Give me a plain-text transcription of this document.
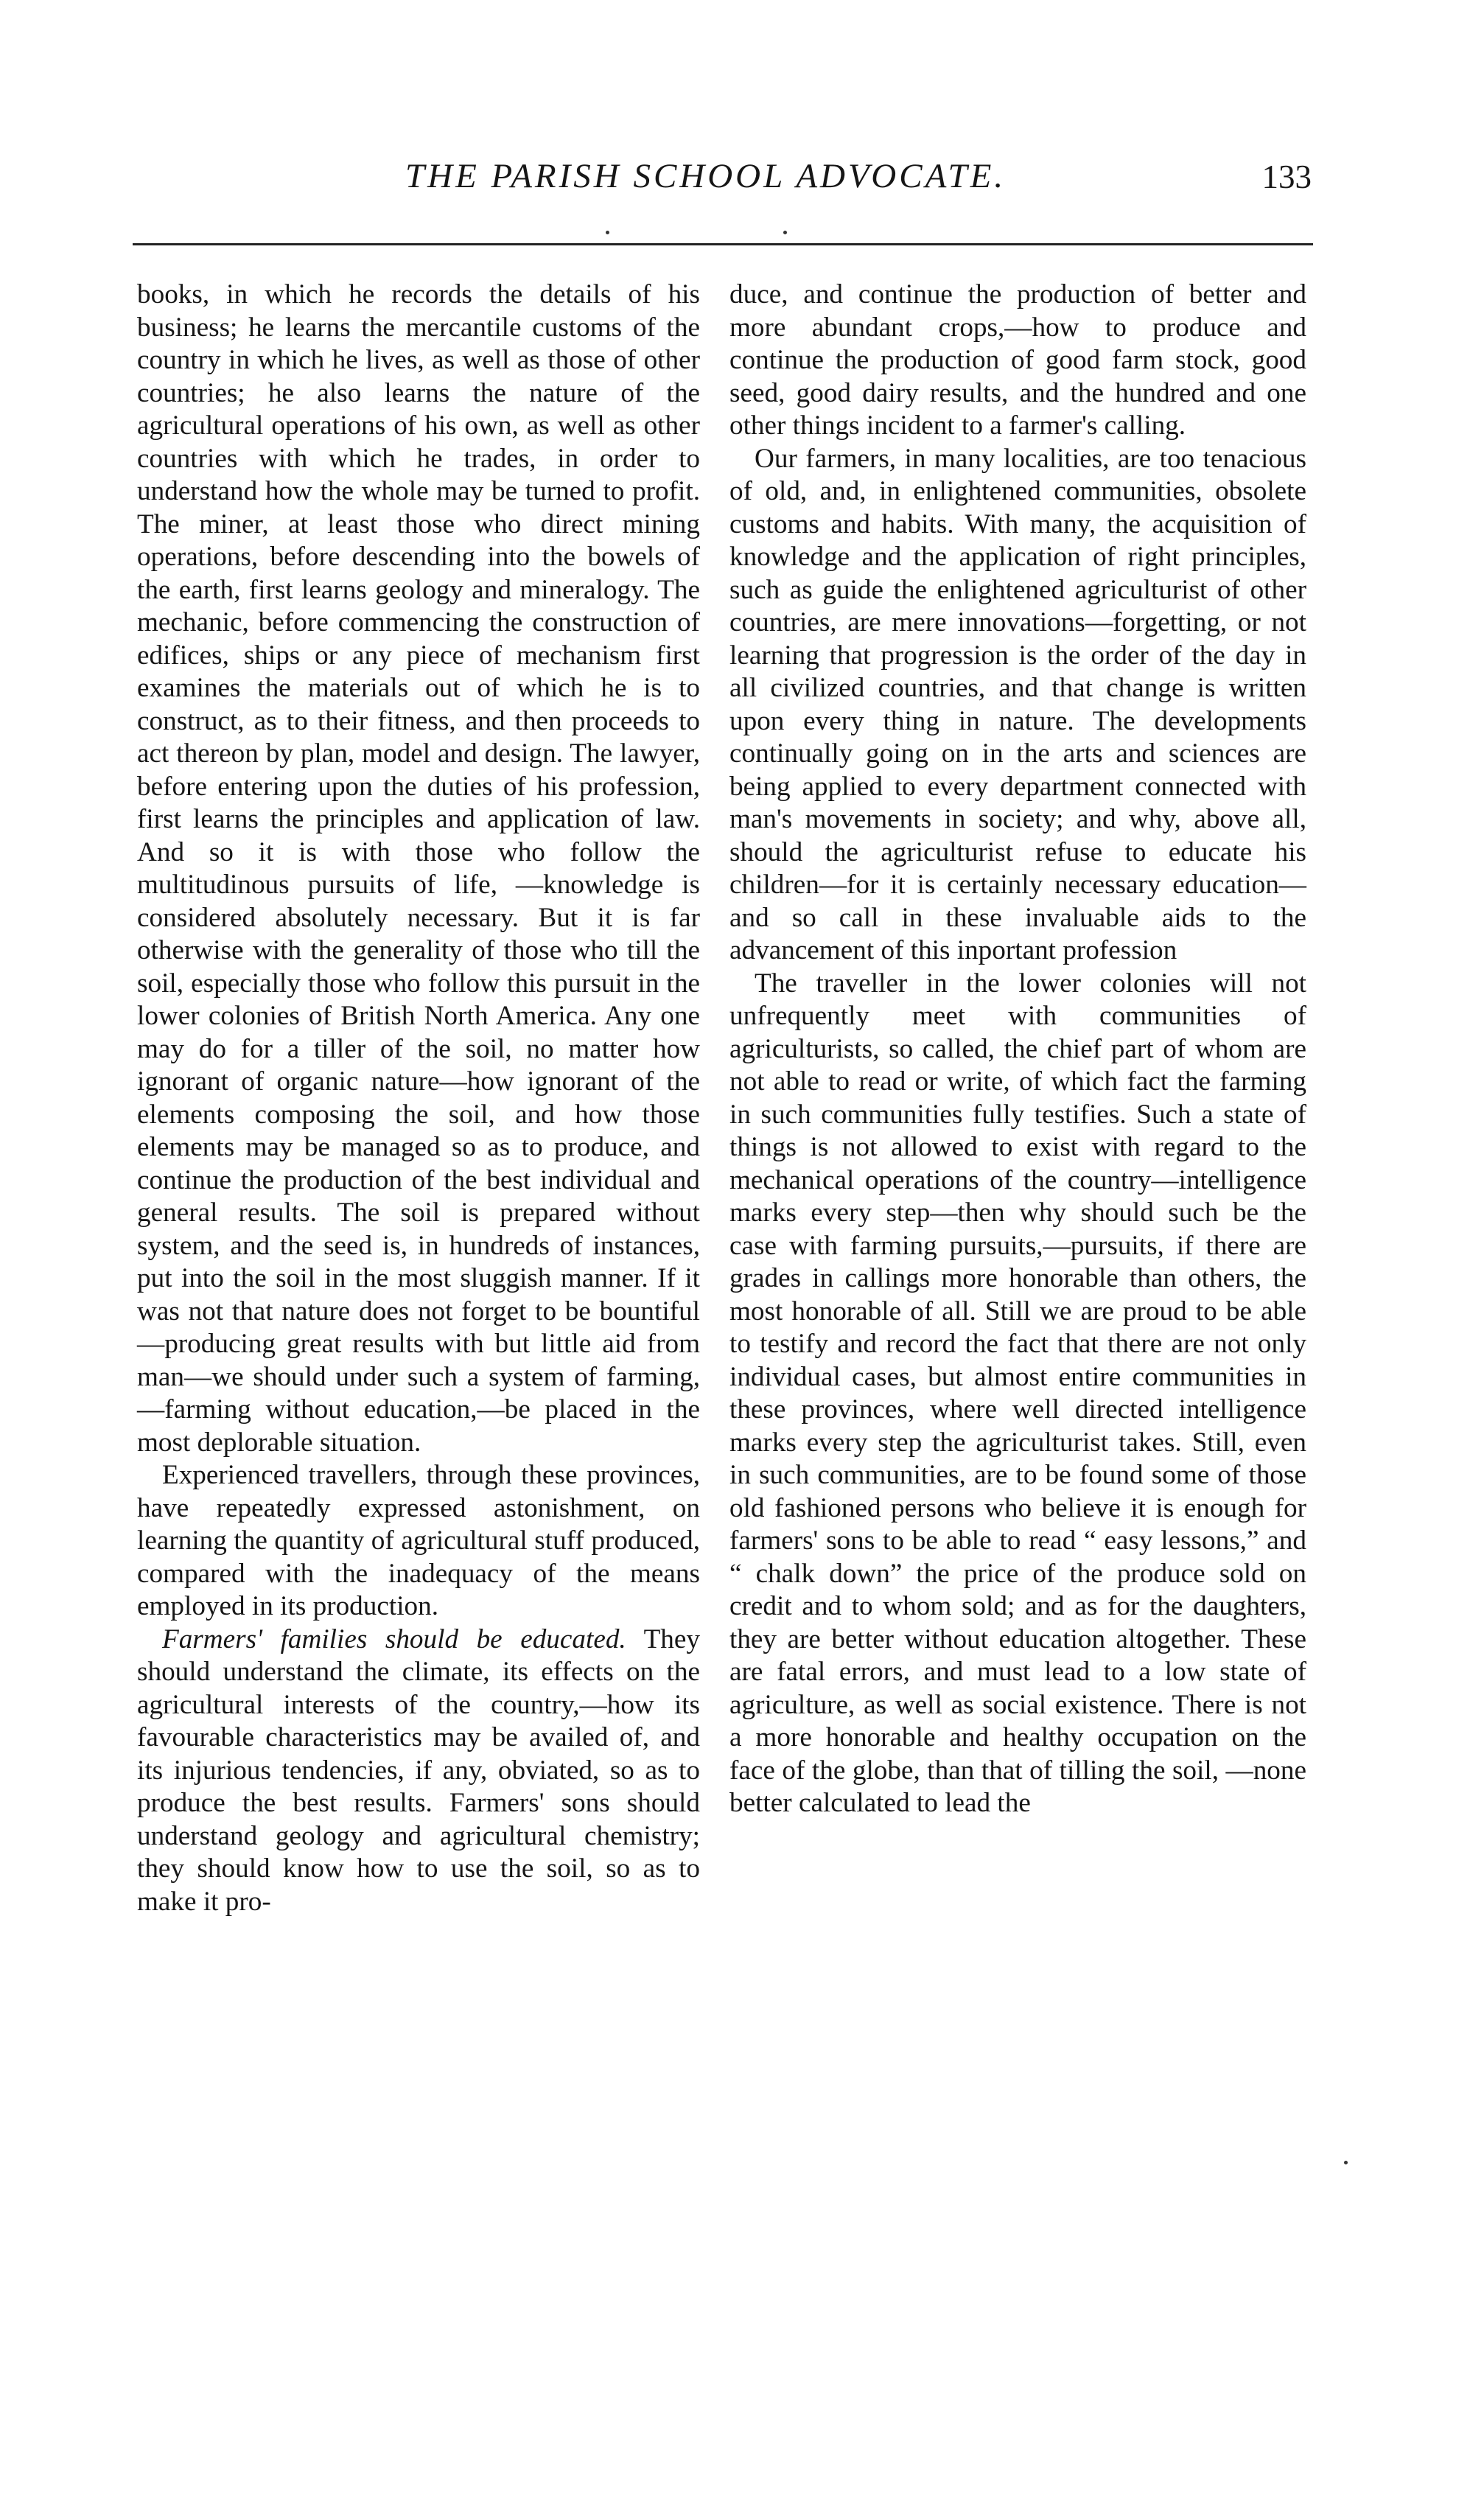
THE PARISH SCHOOL ADVOCATE.	133

books, in which he records the details of his business; he learns the mercantile customs of the country in which he lives, as well as those of other countries; he also learns the nature of the agricultural operations of his own, as well as other countries with which he trades, in order to understand how the whole may be turned to profit. The miner, at least those who direct mining operations, before descending into the bowels of the earth, first learns geology and mineralogy. The mechanic, before commencing the construction of edifices, ships or any piece of mechanism first examines the materials out of which he is to construct, as to their fitness, and then proceeds to act thereon by plan, model and design. The lawyer, before entering upon the duties of his profession, first learns the principles and application of law. And so it is with those who follow the multitudinous pursuits of life, —knowledge is considered absolutely necessary. But it is far otherwise with the generality of those who till the soil, especially those who follow this pursuit in the lower colonies of British North America. Any one may do for a tiller of the soil, no matter how ignorant of organic nature—how ignorant of the elements composing the soil, and how those elements may be managed so as to produce, and continue the production of the best individual and general results. The soil is prepared without system, and the seed is, in hundreds of instances, put into the soil in the most sluggish manner. If it was not that nature does not forget to be bountiful—producing great results with but little aid from man—we should under such a system of farming, —farming without education,—be placed in the most deplorable situation.

Experienced travellers, through these provinces, have repeatedly expressed astonishment, on learning the quantity of agricultural stuff produced, compared with the inadequacy of the means employed in its production.

Farmers' families should be educated. They should understand the climate, its effects on the agricultural interests of the country,—how its favourable characteristics may be availed of, and its injurious tendencies, if any, obviated, so as to produce the best results. Farmers' sons should understand geology and agricultural chemistry; they should know how to use the soil, so as to make it pro-

duce, and continue the production of better and more abundant crops,—how to produce and continue the production of good farm stock, good seed, good dairy results, and the hundred and one other things incident to a farmer's calling.

Our farmers, in many localities, are too tenacious of old, and, in enlightened communities, obsolete customs and habits. With many, the acquisition of knowledge and the application of right principles, such as guide the enlightened agriculturist of other countries, are mere innovations—forgetting, or not learning that progression is the order of the day in all civilized countries, and that change is written upon every thing in nature. The developments continually going on in the arts and sciences are being applied to every department connected with man's movements in society; and why, above all, should the agriculturist refuse to educate his children—for it is certainly necessary education—and so call in these invaluable aids to the advancement of this inportant profession

The traveller in the lower colonies will not unfrequently meet with communities of agriculturists, so called, the chief part of whom are not able to read or write, of which fact the farming in such communities fully testifies. Such a state of things is not allowed to exist with regard to the mechanical operations of the country—intelligence marks every step—then why should such be the case with farming pursuits,—pursuits, if there are grades in callings more honorable than others, the most honorable of all. Still we are proud to be able to testify and record the fact that there are not only individual cases, but almost entire communities in these provinces, where well directed intelligence marks every step the agriculturist takes. Still, even in such communities, are to be found some of those old fashioned persons who believe it is enough for farmers' sons to be able to read “ easy lessons,” and “ chalk down” the price of the produce sold on credit and to whom sold; and as for the daughters, they are better without education altogether. These are fatal errors, and must lead to a low state of agriculture, as well as social existence. There is not a more honorable and healthy occupation on the face of the globe, than that of tilling the soil, —none better calculated to lead the
